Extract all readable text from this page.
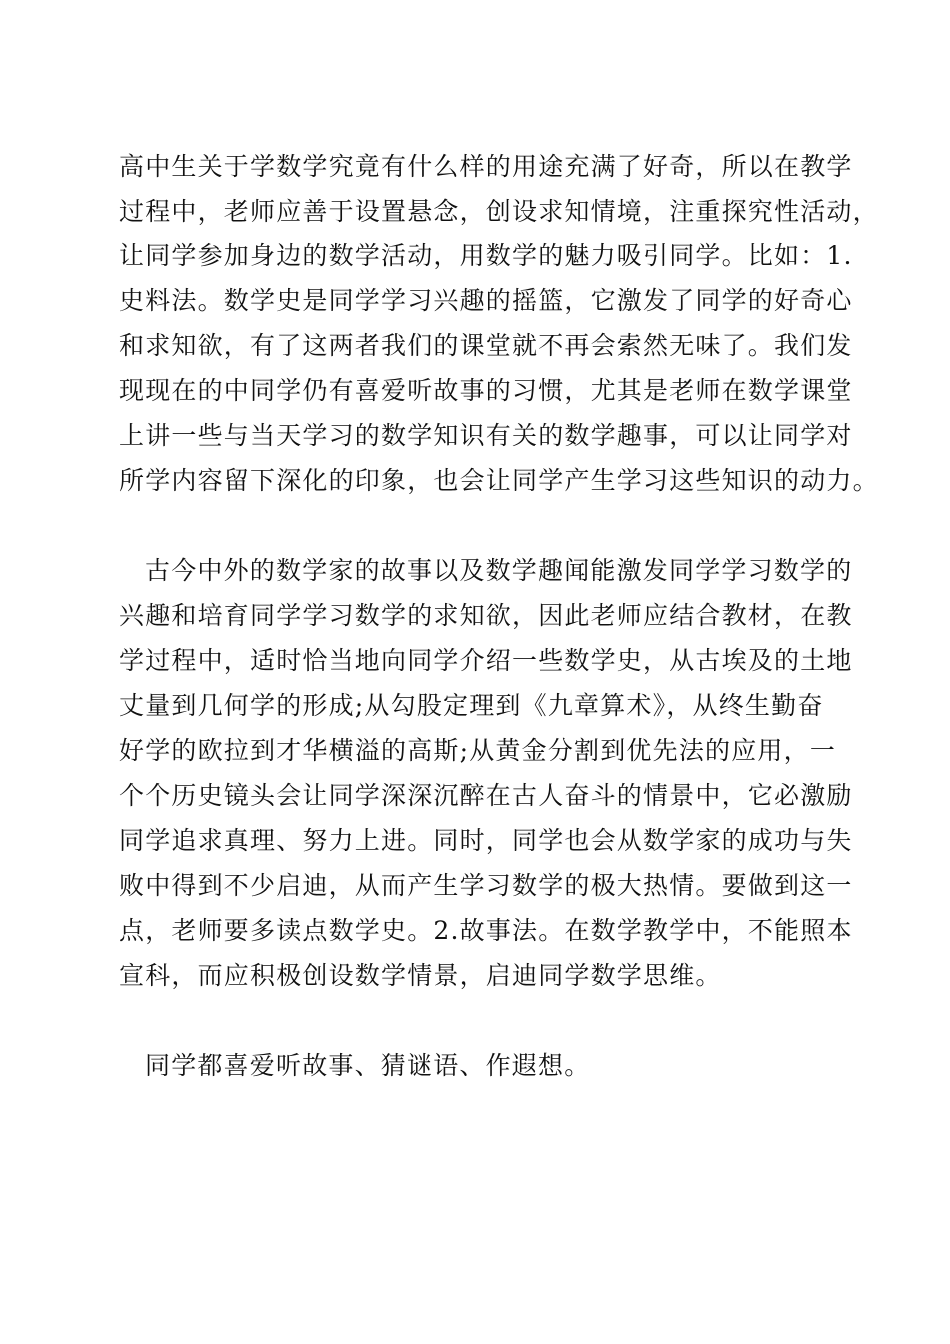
高中生关于学数学究竟有什么样的用途充满了好奇，所以在教学
过程中，老师应善于设置悬念，创设求知情境，注重探究性活动，
让同学参加身边的数学活动，用数学的魅力吸引同学。比如：1.
史料法。数学史是同学学习兴趣的摇篮，它激发了同学的好奇心
和求知欲，有了这两者我们的课堂就不再会索然无味了。我们发
现现在的中同学仍有喜爱听故事的习惯，尤其是老师在数学课堂
上讲一些与当天学习的数学知识有关的数学趣事，可以让同学对
所学内容留下深化的印象，也会让同学产生学习这些知识的动力。
古今中外的数学家的故事以及数学趣闻能激发同学学习数学的
兴趣和培育同学学习数学的求知欲，因此老师应结合教材，在教
学过程中，适时恰当地向同学介绍一些数学史，从古埃及的土地
丈量到几何学的形成;从勾股定理到《九章算术》，从终生勤奋
好学的欧拉到才华横溢的高斯;从黄金分割到优先法的应用，一
个个历史镜头会让同学深深沉醉在古人奋斗的情景中，它必激励
同学追求真理、努力上进。同时，同学也会从数学家的成功与失
败中得到不少启迪，从而产生学习数学的极大热情。要做到这一
点，老师要多读点数学史。2.故事法。在数学教学中，不能照本
宣科，而应积极创设数学情景，启迪同学数学思维。
同学都喜爱听故事、猜谜语、作遐想。
